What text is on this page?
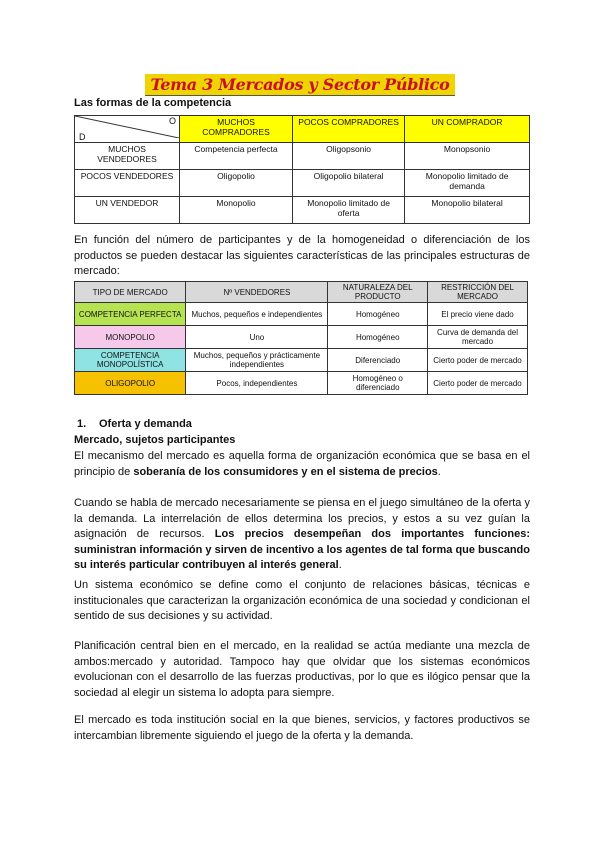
Tema 3 Mercados y Sector Público
Las formas de la competencia
O
D	MUCHOS COMPRADORES	POCOS COMPRADORES	UN COMPRADOR
MUCHOS VENDEDORES	Competencia perfecta	Oligopsonio	Monopsonio
POCOS VENDEDORES	Oligopolio	Oligopolio bilateral	Monopolio limitado de demanda
UN VENDEDOR	Monopolio	Monopolio limitado de oferta	Monopolio bilateral
En función del número de participantes y de la homogeneidad o diferenciación de los productos se pueden destacar las siguientes características de las principales estructuras de mercado:
TIPO DE MERCADO	Nº VENDEDORES	NATURALEZA DEL PRODUCTO	RESTRICCIÓN DEL MERCADO
COMPETENCIA PERFECTA	Muchos, pequeños e independientes	Homogéneo	El precio viene dado
MONOPOLIO	Uno	Homogéneo	Curva de demanda del mercado
COMPETENCIA MONOPOLÍSTICA	Muchos, pequeños y prácticamente independientes	Diferenciado	Cierto poder de mercado
OLIGOPOLIO	Pocos, independientes	Homogéneo o diferenciado	Cierto poder de mercado
1. Oferta y demanda
Mercado, sujetos participantes
El mecanismo del mercado es aquella forma de organización económica que se basa en el principio de soberanía de los consumidores y en el sistema de precios.
Cuando se habla de mercado necesariamente se piensa en el juego simultáneo de la oferta y la demanda. La interrelación de ellos determina los precios, y estos a su vez guían la asignación de recursos. Los precios desempeñan dos importantes funciones: suministran información y sirven de incentivo a los agentes de tal forma que buscando su interés particular contribuyen al interés general.
Un sistema económico se define como el conjunto de relaciones básicas, técnicas e institucionales que caracterizan la organización económica de una sociedad y condicionan el sentido de sus decisiones y su actividad.
Planificación central bien en el mercado, en la realidad se actúa mediante una mezcla de ambos:mercado y autoridad. Tampoco hay que olvidar que los sistemas económicos evolucionan con el desarrollo de las fuerzas productivas, por lo que es ilógico pensar que la sociedad al elegir un sistema lo adopta para siempre.
El mercado es toda institución social en la que bienes, servicios, y factores productivos se intercambian libremente siguiendo el juego de la oferta y la demanda.
